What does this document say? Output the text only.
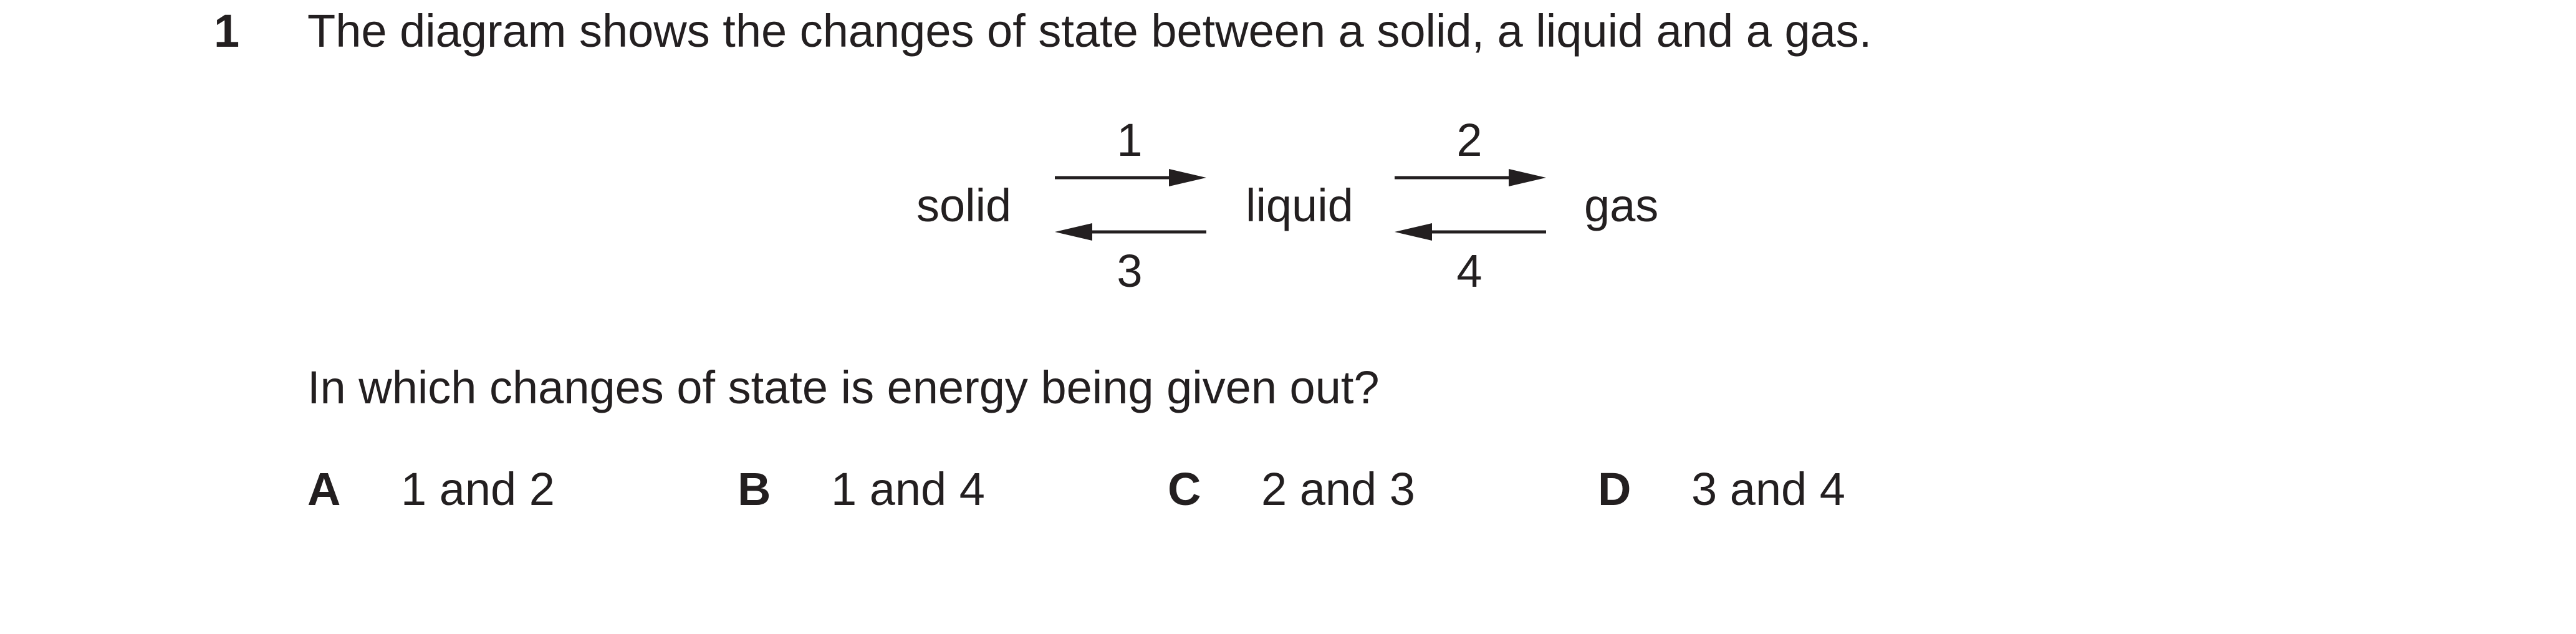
1 The diagram shows the changes of state between a solid, a liquid and a gas.
solid	liquid	gas
1	2
3	4
In which changes of state is energy being given out?
A 1 and 2	B 1 and 4	C 2 and 3	D 3 and 4
